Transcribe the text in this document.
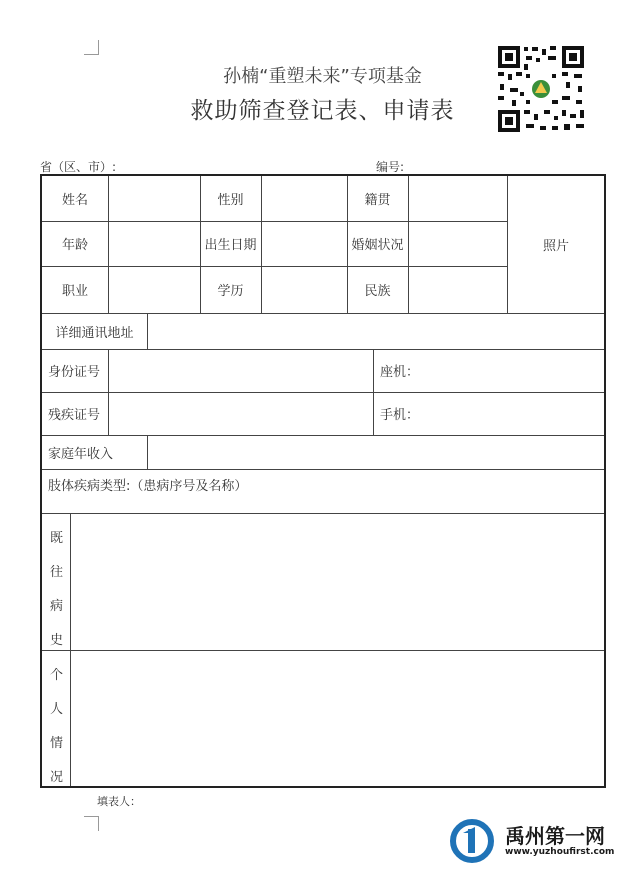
孙楠“重塑未来”专项基金
救助筛查登记表、申请表
省（区、市）:	编号:
姓名	性别	籍贯
年龄	出生日期	婚姻状况
职业	学历	民族
照片
详细通讯地址
身份证号	座机：
残疾证号	手机：
家庭年收入
肢体疾病类型:（患病序号及名称）
既
往
病
史
个
人
情
况
填表人：
禹州第一网
www.yuzhoufirst.com
